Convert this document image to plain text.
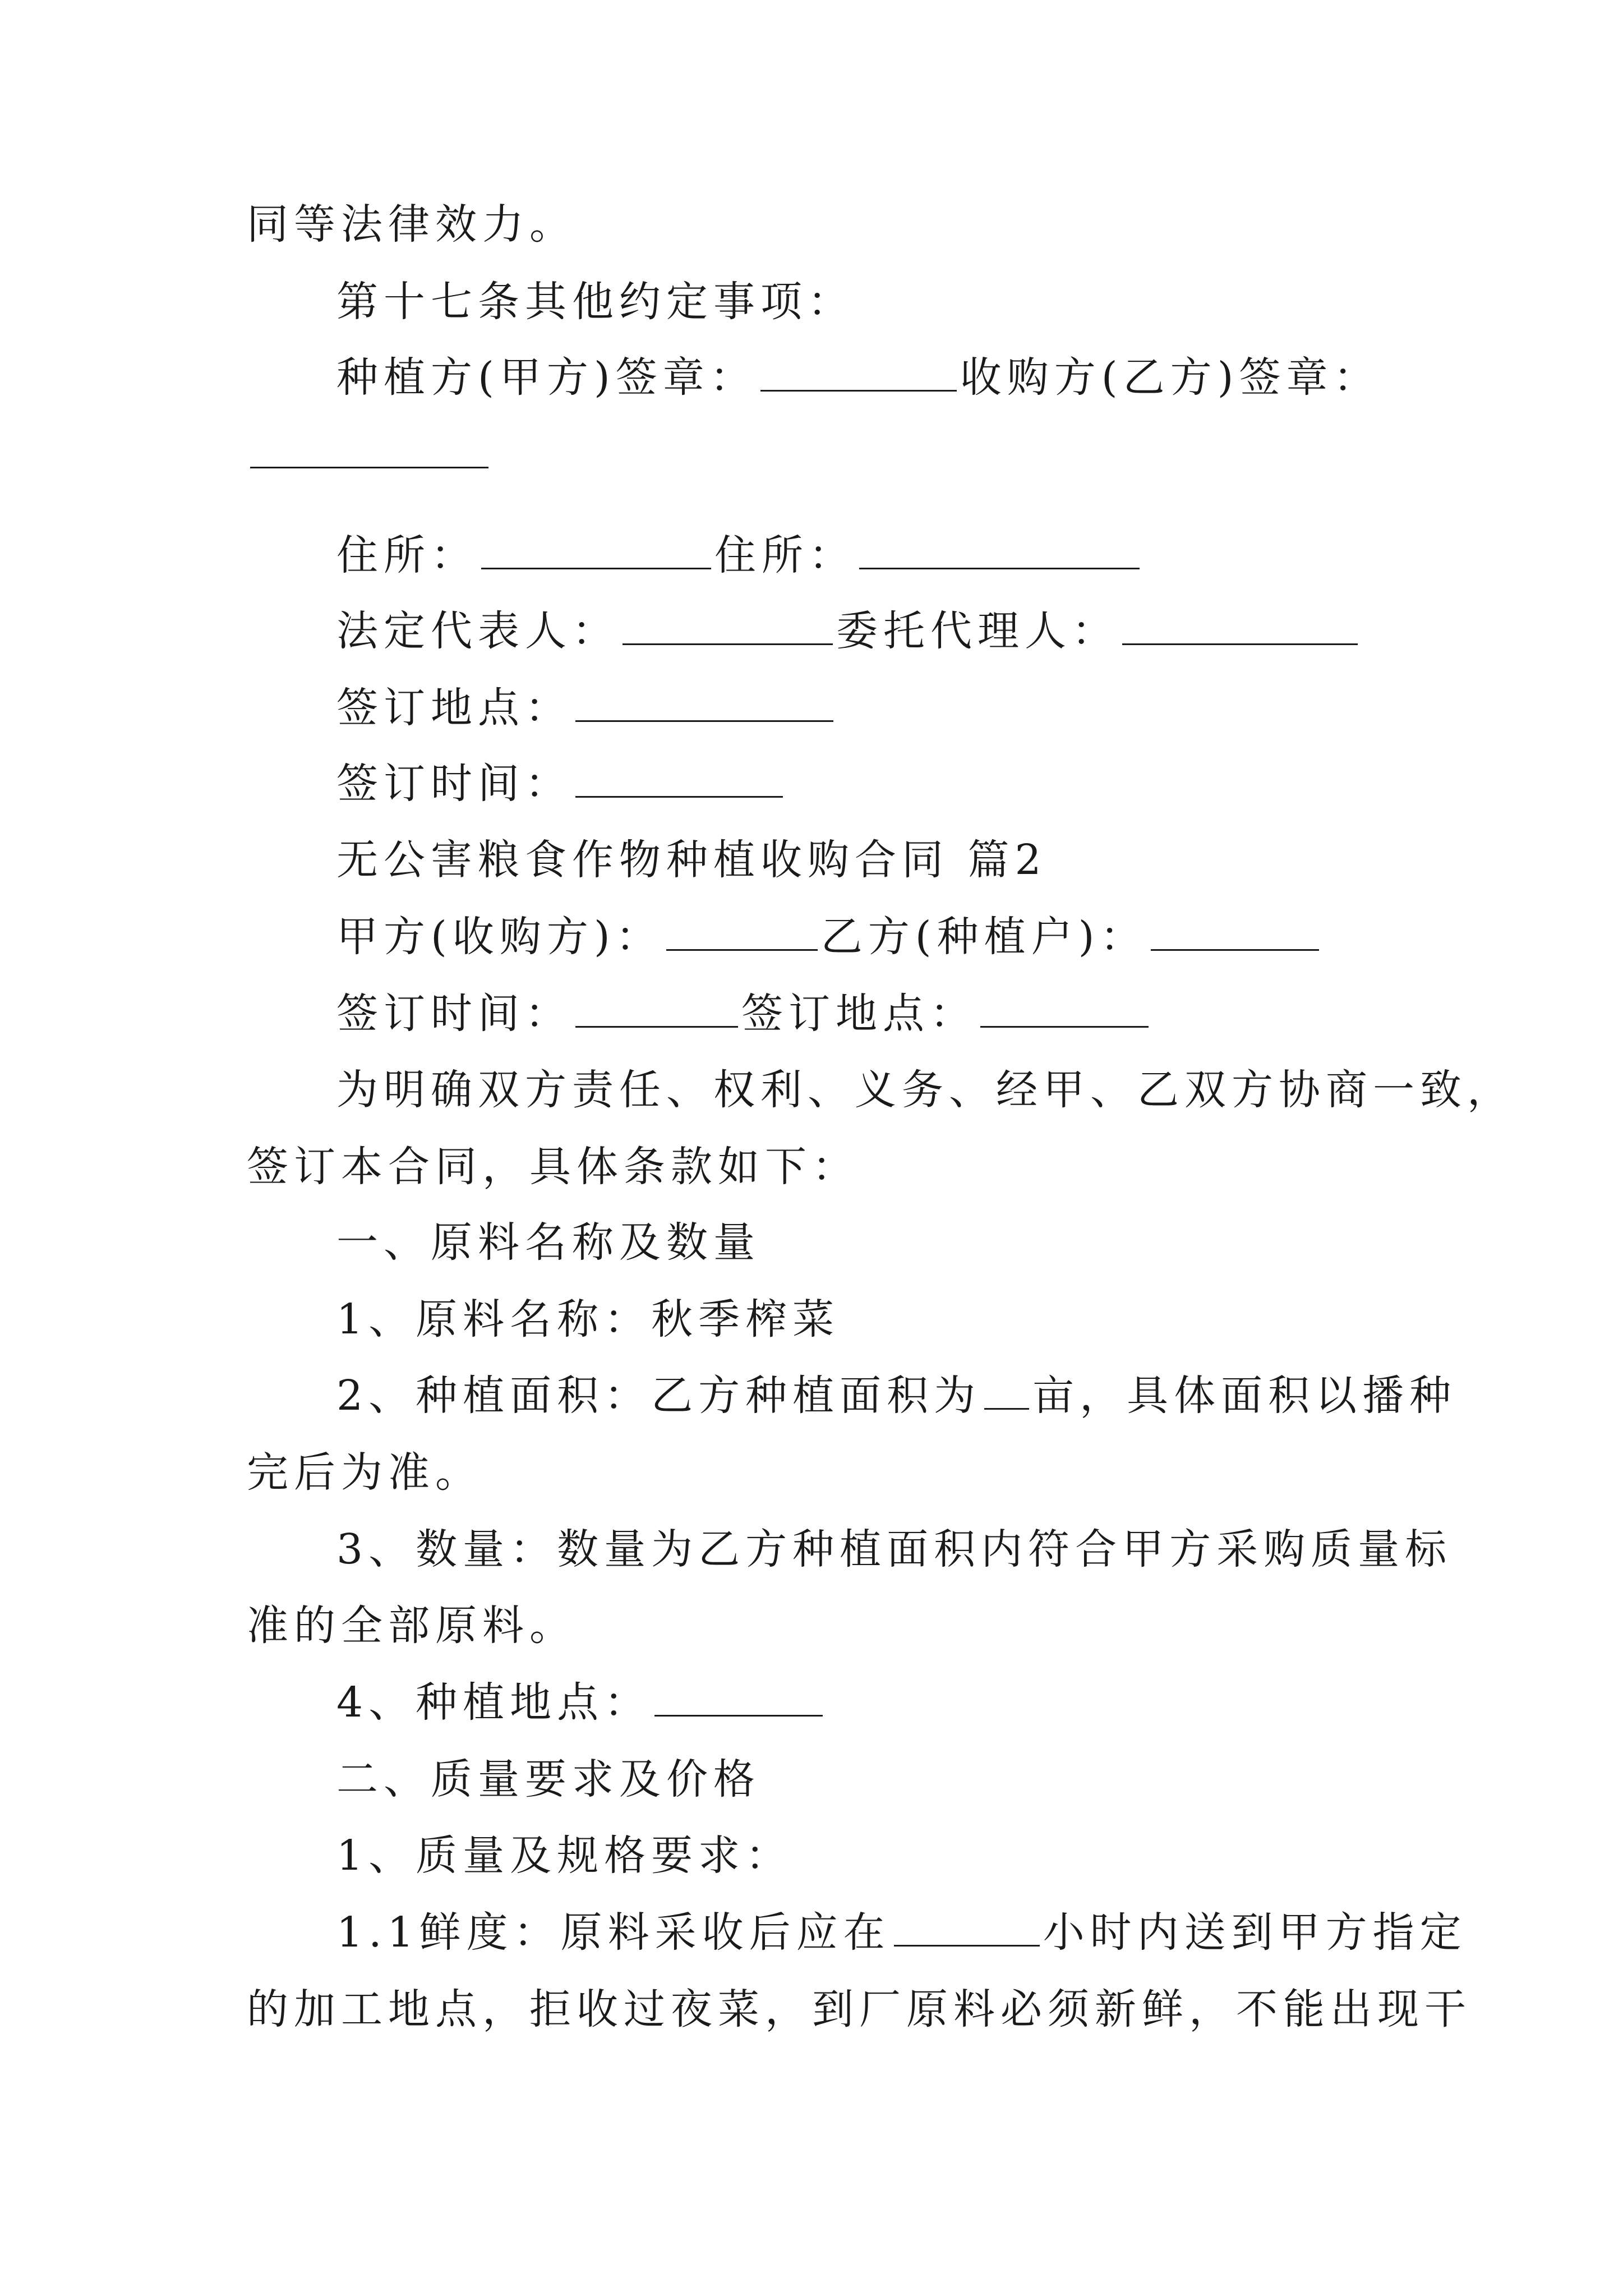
同等法律效力。
第十七条其他约定事项：
种植方(甲方)签章：	收购方(乙方)签章：
住所：	住所：
法定代表人：	委托代理人：
签订地点：
签订时间：
无公害粮食作物种植收购合同 篇2
甲方(收购方)：	乙方(种植户)：
签订时间：	签订地点：
为明确双方责任、权利、义务、经甲、乙双方协商一致，
签订本合同，具体条款如下：
一、原料名称及数量
1、原料名称：秋季榨菜
2、种植面积：乙方种植面积为 亩，具体面积以播种
完后为准。
3、数量：数量为乙方种植面积内符合甲方采购质量标
准的全部原料。
4、种植地点：
二、质量要求及价格
1、质量及规格要求：
1.1鲜度：原料采收后应在	小时内送到甲方指定
的加工地点，拒收过夜菜，到厂原料必须新鲜，不能出现干
